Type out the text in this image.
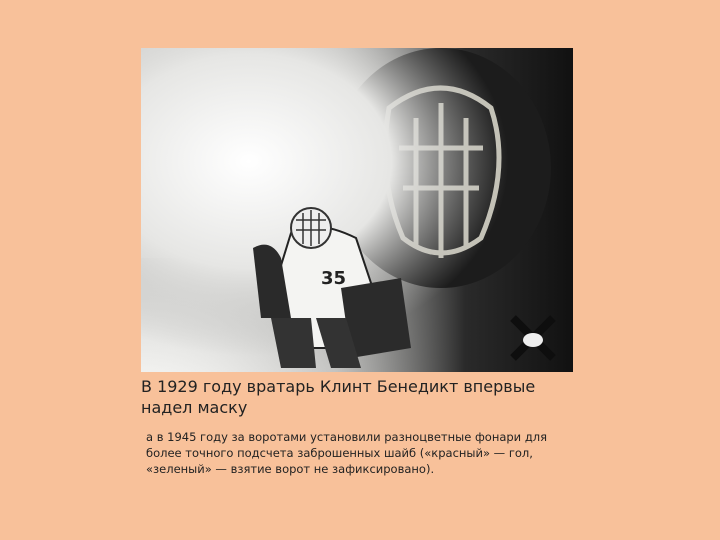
35
В 1929 году вратарь Клинт Бенедикт впервые надел маску
а в 1945 году за воротами установили разноцветные фонари для более точного подсчета заброшенных шайб («красный» — гол, «зеленый» — взятие ворот не зафиксировано).
